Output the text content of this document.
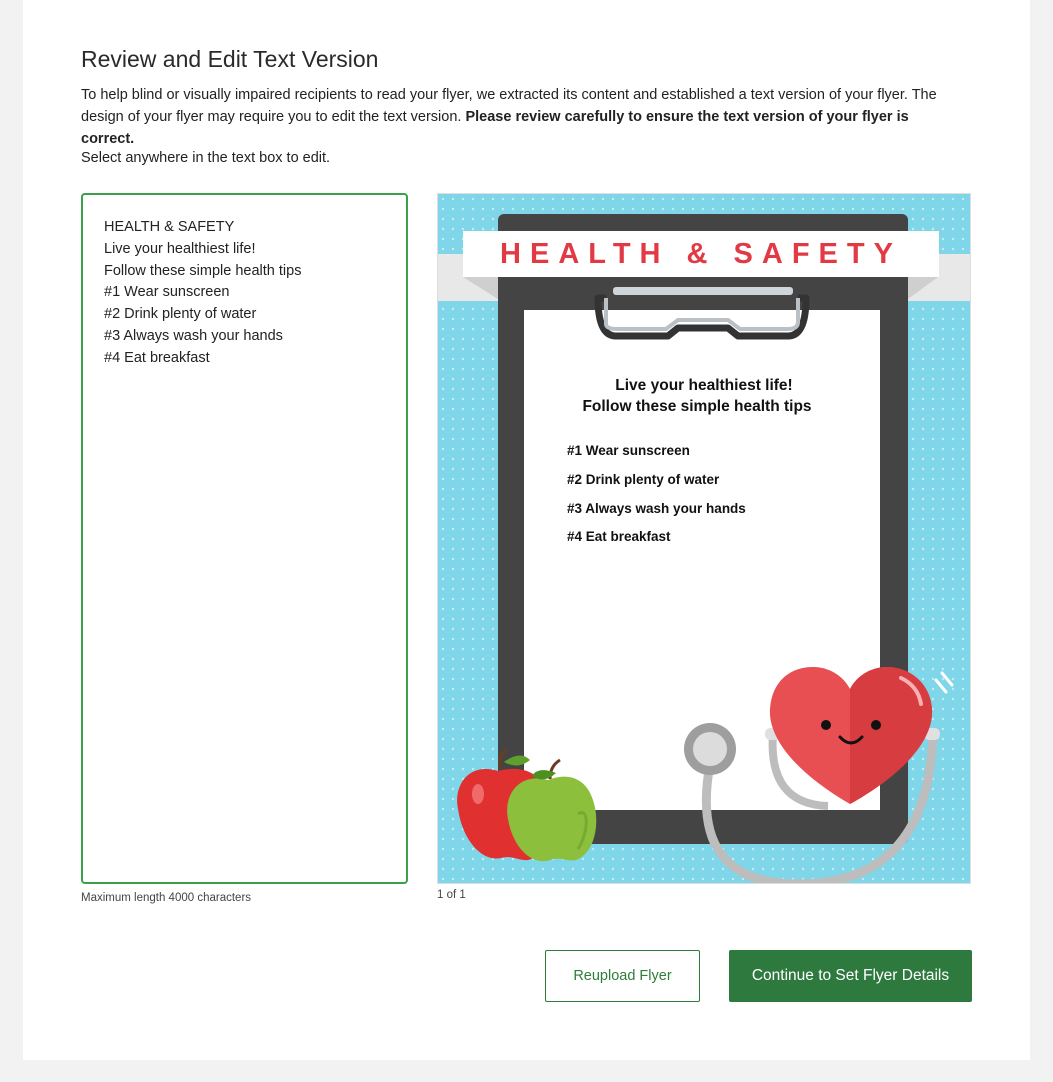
Review and Edit Text Version

To help blind or visually impaired recipients to read your flyer, we extracted its content and established a text version of your flyer. The design of your flyer may require you to edit the text version. Please review carefully to ensure the text version of your flyer is correct.

Select anywhere in the text box to edit.

HEALTH & SAFETY
Live your healthiest life!
Follow these simple health tips
#1 Wear sunscreen
#2 Drink plenty of water
#3 Always wash your hands
#4 Eat breakfast
Maximum length 4000 characters
HEALTH & SAFETY
Live your healthiest life!
Follow these simple health tips
#1 Wear sunscreen
#2 Drink plenty of water
#3 Always wash your hands
#4 Eat breakfast
1 of 1
Reupload Flyer	Continue to Set Flyer Details
